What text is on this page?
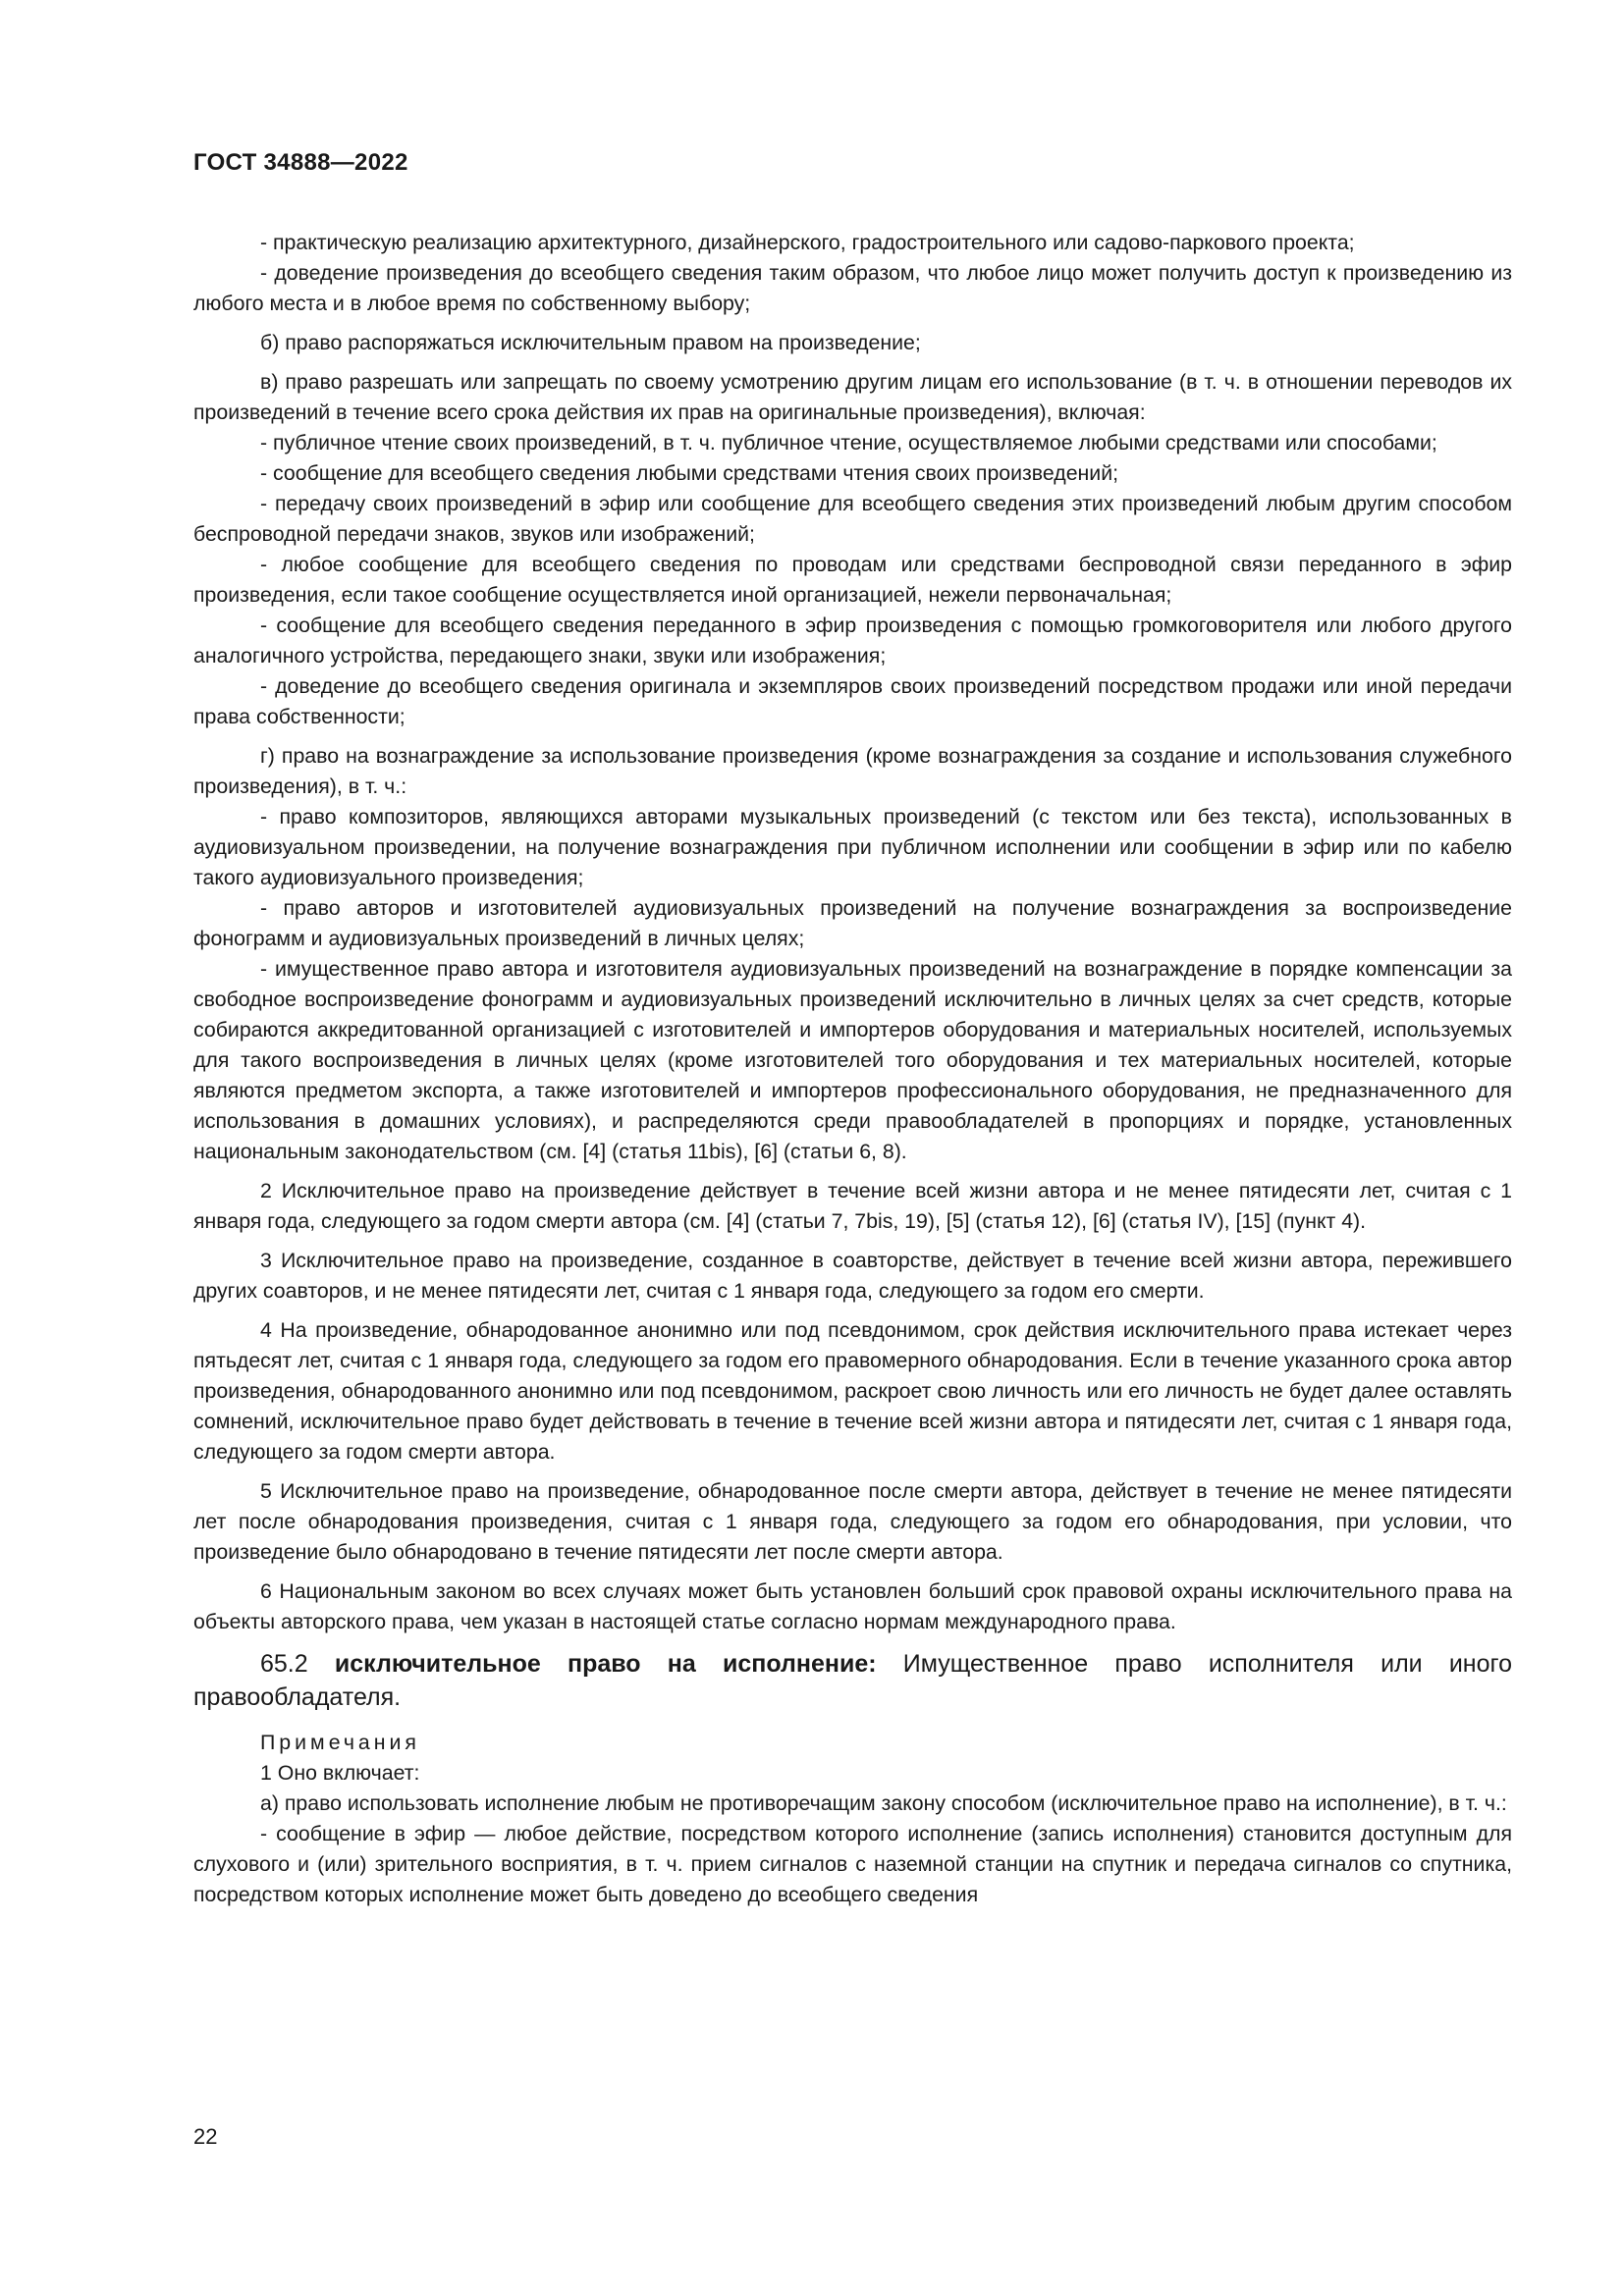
ГОСТ 34888—2022

- практическую реализацию архитектурного, дизайнерского, градостроительного или садово-паркового проекта;

- доведение произведения до всеобщего сведения таким образом, что любое лицо может получить доступ к произведению из любого места и в любое время по собственному выбору;

б) право распоряжаться исключительным правом на произведение;

в) право разрешать или запрещать по своему усмотрению другим лицам его использование (в т. ч. в отношении переводов их произведений в течение всего срока действия их прав на оригинальные произведения), включая:

- публичное чтение своих произведений, в т. ч. публичное чтение, осуществляемое любыми средствами или способами;

- сообщение для всеобщего сведения любыми средствами чтения своих произведений;

- передачу своих произведений в эфир или сообщение для всеобщего сведения этих произведений любым другим способом беспроводной передачи знаков, звуков или изображений;

- любое сообщение для всеобщего сведения по проводам или средствами беспроводной связи переданного в эфир произведения, если такое сообщение осуществляется иной организацией, нежели первоначальная;

- сообщение для всеобщего сведения переданного в эфир произведения с помощью громкоговорителя или любого другого аналогичного устройства, передающего знаки, звуки или изображения;

- доведение до всеобщего сведения оригинала и экземпляров своих произведений посредством продажи или иной передачи права собственности;

г) право на вознаграждение за использование произведения (кроме вознаграждения за создание и использования служебного произведения), в т. ч.:

- право композиторов, являющихся авторами музыкальных произведений (с текстом или без текста), использованных в аудиовизуальном произведении, на получение вознаграждения при публичном исполнении или сообщении в эфир или по кабелю такого аудиовизуального произведения;

- право авторов и изготовителей аудиовизуальных произведений на получение вознаграждения за воспроизведение фонограмм и аудиовизуальных произведений в личных целях;

- имущественное право автора и изготовителя аудиовизуальных произведений на вознаграждение в порядке компенсации за свободное воспроизведение фонограмм и аудиовизуальных произведений исключительно в личных целях за счет средств, которые собираются аккредитованной организацией с изготовителей и импортеров оборудования и материальных носителей, используемых для такого воспроизведения в личных целях (кроме изготовителей того оборудования и тех материальных носителей, которые являются предметом экспорта, а также изготовителей и импортеров профессионального оборудования, не предназначенного для использования в домашних условиях), и распределяются среди правообладателей в пропорциях и порядке, установленных национальным законодательством (см. [4] (статья 11bis), [6] (статьи 6, 8).

2 Исключительное право на произведение действует в течение всей жизни автора и не менее пятидесяти лет, считая с 1 января года, следующего за годом смерти автора (см. [4] (статьи 7, 7bis, 19), [5] (статья 12), [6] (статья IV), [15] (пункт 4).

3 Исключительное право на произведение, созданное в соавторстве, действует в течение всей жизни автора, пережившего других соавторов, и не менее пятидесяти лет, считая с 1 января года, следующего за годом его смерти.

4 На произведение, обнародованное анонимно или под псевдонимом, срок действия исключительного права истекает через пятьдесят лет, считая с 1 января года, следующего за годом его правомерного обнародования. Если в течение указанного срока автор произведения, обнародованного анонимно или под псевдонимом, раскроет свою личность или его личность не будет далее оставлять сомнений, исключительное право будет действовать в течение в течение всей жизни автора и пятидесяти лет, считая с 1 января года, следующего за годом смерти автора.

5 Исключительное право на произведение, обнародованное после смерти автора, действует в течение не менее пятидесяти лет после обнародования произведения, считая с 1 января года, следующего за годом его обнародования, при условии, что произведение было обнародовано в течение пятидесяти лет после смерти автора.

6 Национальным законом во всех случаях может быть установлен больший срок правовой охраны исключительного права на объекты авторского права, чем указан в настоящей статье согласно нормам международного права.

65.2 исключительное право на исполнение: Имущественное право исполнителя или иного правообладателя.

Примечания

1 Оно включает:

а) право использовать исполнение любым не противоречащим закону способом (исключительное право на исполнение), в т. ч.:

- сообщение в эфир — любое действие, посредством которого исполнение (запись исполнения) становится доступным для слухового и (или) зрительного восприятия, в т. ч. прием сигналов с наземной станции на спутник и передача сигналов со спутника, посредством которых исполнение может быть доведено до всеобщего сведения

22
